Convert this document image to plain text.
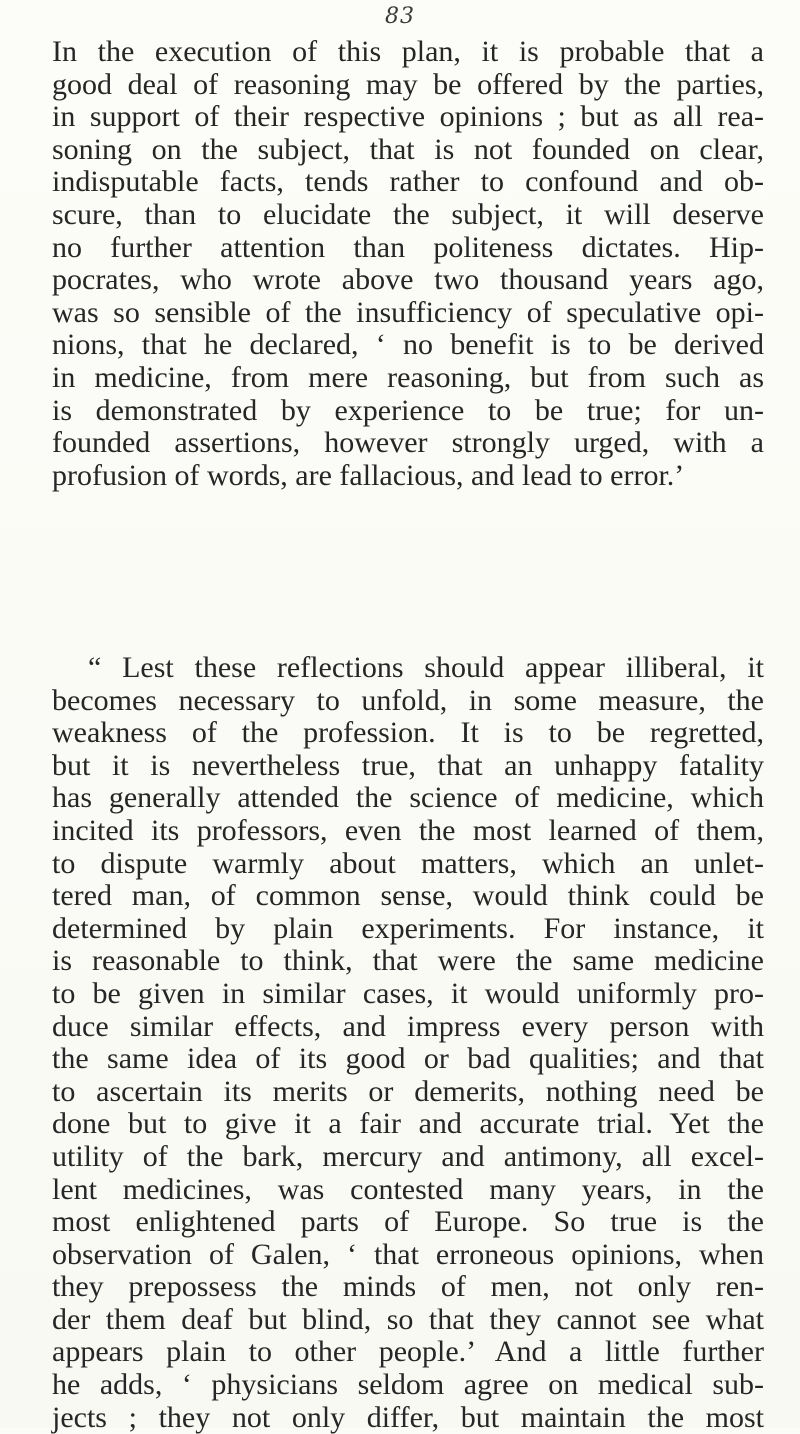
83
In the execution of this plan, it is probable that a
good deal of reasoning may be offered by the parties,
in support of their respective opinions ; but as all rea-
soning on the subject, that is not founded on clear,
indisputable facts, tends rather to confound and ob-
scure, than to elucidate the subject, it will deserve
no further attention than politeness dictates. Hip-
pocrates, who wrote above two thousand years ago,
was so sensible of the insufficiency of speculative opi-
nions, that he declared, ‘ no benefit is to be derived
in medicine, from mere reasoning, but from such as
is demonstrated by experience to be true; for un-
founded assertions, however strongly urged, with a
profusion of words, are fallacious, and lead to error.’
“ Lest these reflections should appear illiberal, it
becomes necessary to unfold, in some measure, the
weakness of the profession. It is to be regretted,
but it is nevertheless true, that an unhappy fatality
has generally attended the science of medicine, which
incited its professors, even the most learned of them,
to dispute warmly about matters, which an unlet-
tered man, of common sense, would think could be
determined by plain experiments. For instance, it
is reasonable to think, that were the same medicine
to be given in similar cases, it would uniformly pro-
duce similar effects, and impress every person with
the same idea of its good or bad qualities; and that
to ascertain its merits or demerits, nothing need be
done but to give it a fair and accurate trial. Yet the
utility of the bark, mercury and antimony, all excel-
lent medicines, was contested many years, in the
most enlightened parts of Europe. So true is the
observation of Galen, ‘ that erroneous opinions, when
they prepossess the minds of men, not only ren-
der them deaf but blind, so that they cannot see what
appears plain to other people.’ And a little further
he adds, ‘ physicians seldom agree on medical sub-
jects ; they not only differ, but maintain the most
